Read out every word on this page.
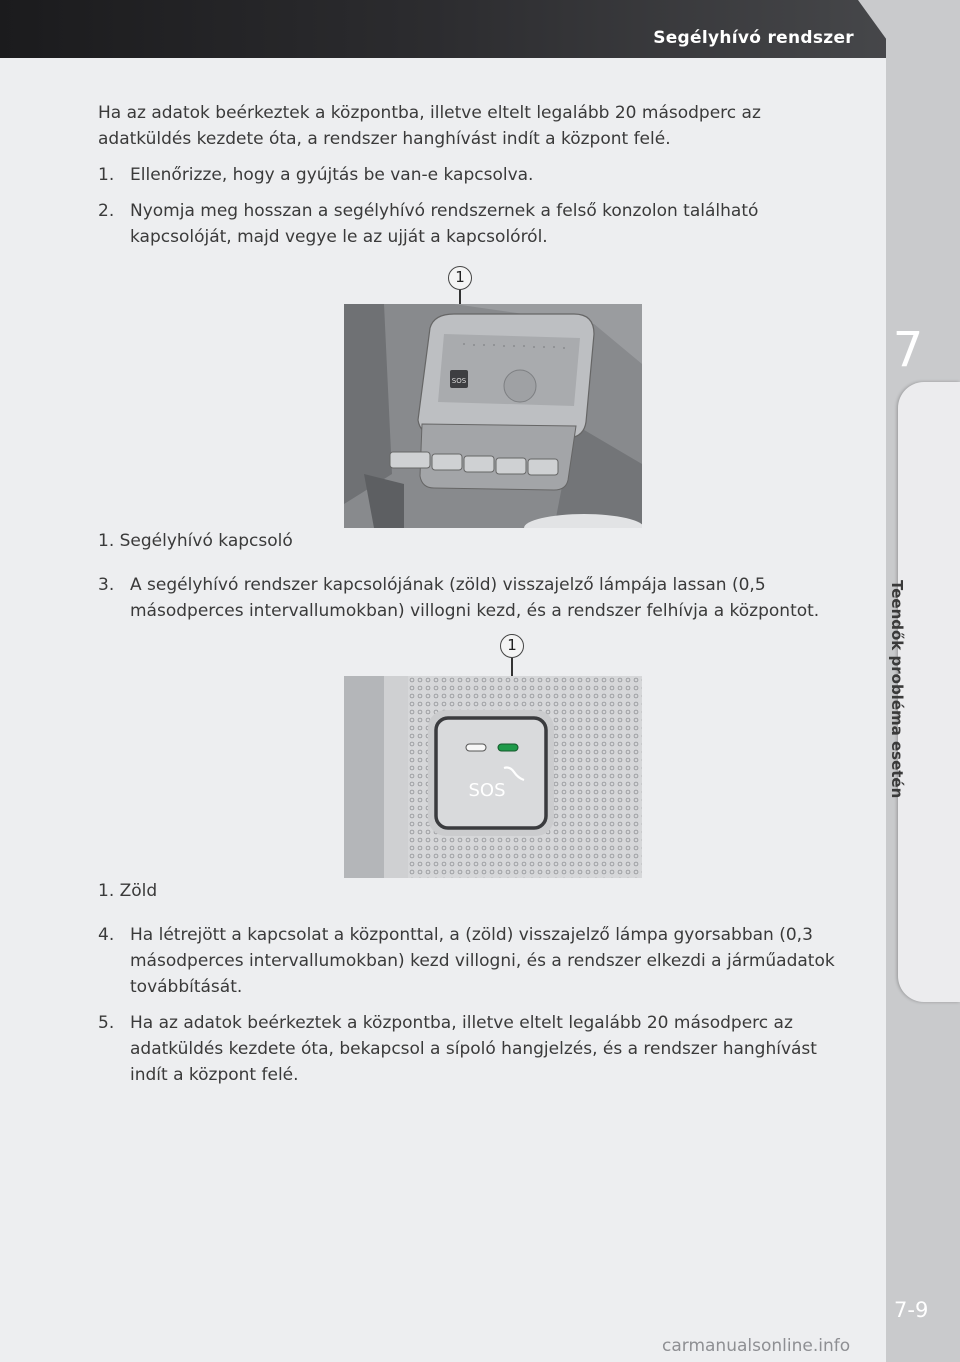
Segélyhívó rendszer
7
Teendők probléma esetén

Ha az adatok beérkeztek a központba, illetve eltelt legalább 20 másodperc az adatküldés kezdete óta, a rendszer hanghívást indít a központ felé.

1. Ellenőrizze, hogy a gyújtás be van-e kapcsolva.
2. Nyomja meg hosszan a segélyhívó rendszernek a felső konzolon található kapcsolóját, majd vegye le az ujját a kapcsolóról.
1
SOS

1. Segélyhívó kapcsoló

3. A segélyhívó rendszer kapcsolójának (zöld) visszajelző lámpája lassan (0,5 másodperces intervallumokban) villogni kezd, és a rendszer felhívja a központot.
1
SOS

1. Zöld

4. Ha létrejött a kapcsolat a központtal, a (zöld) visszajelző lámpa gyorsabban (0,3 másodperces intervallumokban) kezd villogni, és a rendszer elkezdi a járműadatok továbbítását.
5. Ha az adatok beérkeztek a központba, illetve eltelt legalább 20 másodperc az adatküldés kezdete óta, bekapcsol a sípoló hangjelzés, és a rendszer hanghívást indít a központ felé.
7-9
carmanualsonline.info
